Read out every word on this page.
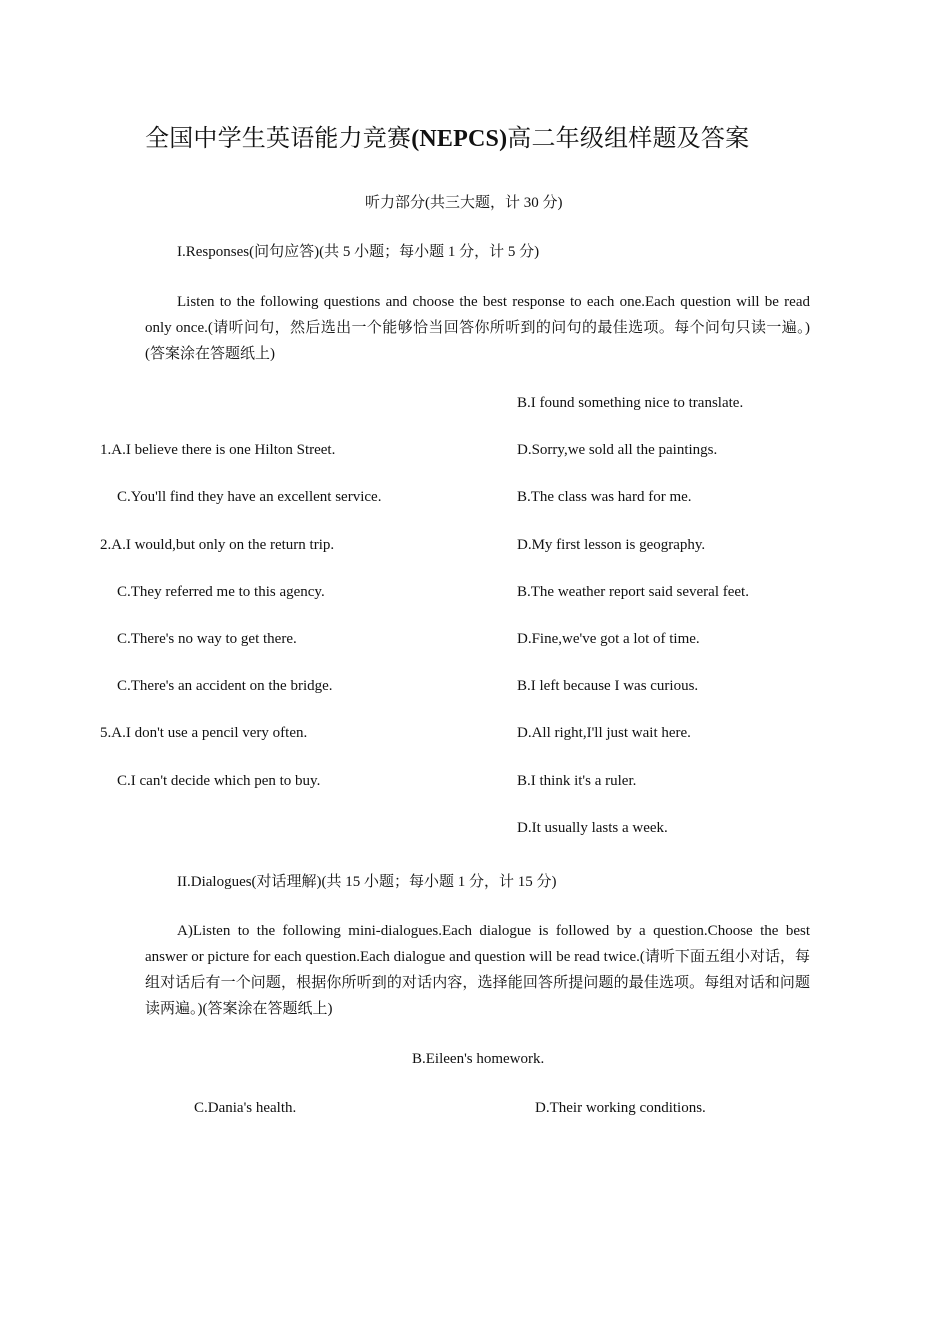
全国中学生英语能力竞赛(NEPCS)高二年级组样题及答案
听力部分(共三大题，计 30 分)
I.Responses(问句应答)(共 5 小题；每小题 1 分，计 5 分)
Listen to the following questions and choose the best response to each one.Each question will be read only once.(请听问句，然后选出一个能够恰当回答你所听到的问句的最佳选项。每个问句只读一遍。)(答案涂在答题纸上)
1.A.I believe there is one Hilton Street.
C.You'll find they have an excellent service.
2.A.I would,but only on the return trip.
C.They referred me to this agency.
C.There's no way to get there.
C.There's an accident on the bridge.
5.A.I don't use a pencil very often.
C.I can't decide which pen to buy.
B.I found something nice to translate.
D.Sorry,we sold all the paintings.
B.The class was hard for me.
D.My first lesson is geography.
B.The weather report said several feet.
D.Fine,we've got a lot of time.
B.I left because I was curious.
D.All right,I'll just wait here.
B.I think it's a ruler.
D.It usually lasts a week.
II.Dialogues(对话理解)(共 15 小题；每小题 1 分，计 15 分)
A)Listen to the following mini-dialogues.Each dialogue is followed by a question.Choose the best answer or picture for each question.Each dialogue and question will be read twice.(请听下面五组小对话，每组对话后有一个问题，根据你所听到的对话内容，选择能回答所提问题的最佳选项。每组对话和问题读两遍。)(答案涂在答题纸上)
B.Eileen's homework.
C.Dania's health.	D.Their working conditions.
